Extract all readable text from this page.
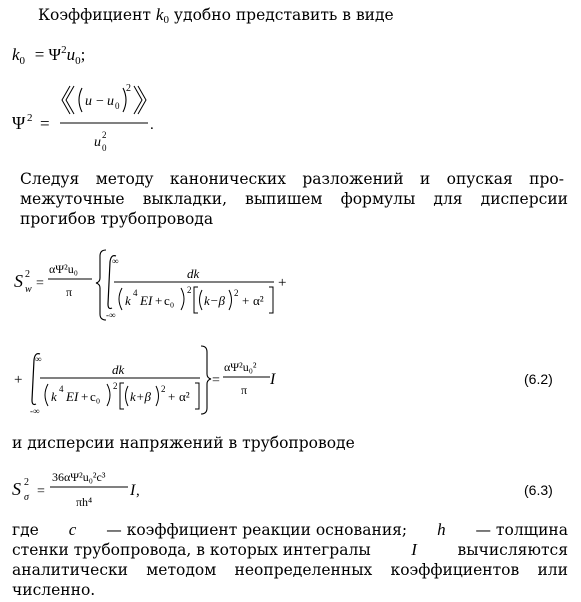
Коэффициент k0 удобно представить в виде
$k_0 = \Psi^2u_0$;
Ψ 2 =
u − u 0
2
u 0
2
.
Следуя методу канонических разложений и опуская про-
межуточные выкладки, выпишем формулы для дисперсии
прогибов трубопровода
S 2
w =
αΨ²u₀
π
∞
-∞
dk
k 4 EI + c₀
2
k−β 2 + α²
+
+
∞
-∞
dk
k 4 EI + c₀
2
k+β 2 + α²
=
αΨ²u₀²
π
I	(6.2)
и дисперсии напряжений в трубопроводе
S 2
σ =
36αΨ²u₀²c³
πh⁴
I ,	(6.3)
где c — коэффициент реакции основания; h — толщина
стенки трубопровода, в которых интегралы I	вычисляются
аналитически методом неопределенных коэффициентов или
численно.
